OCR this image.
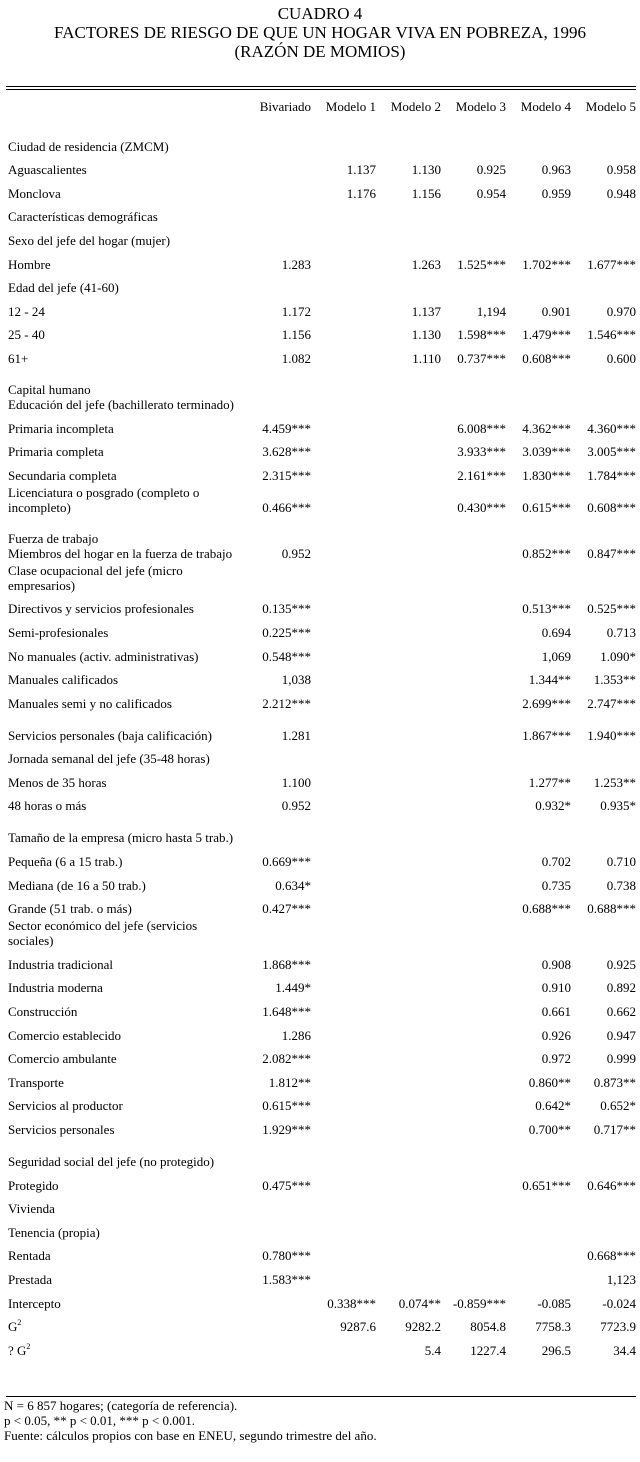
CUADRO 4
FACTORES DE RIESGO DE QUE UN HOGAR VIVA EN POBREZA, 1996
(RAZÓN DE MOMIOS)
	Bivariado	Modelo 1	Modelo 2	Modelo 3	Modelo 4	Modelo 5

Ciudad de residencia (ZMCM)						
Aguascalientes		1.137	1.130	0.925	0.963	0.958
Monclova		1.176	1.156	0.954	0.959	0.948
Características demográficas						
Sexo del jefe del hogar (mujer)						
Hombre	1.283		1.263	1.525***	1.702***	1.677***
Edad del jefe (41-60)						
12 - 24	1.172		1.137	1,194	0.901	0.970
25 - 40	1.156		1.130	1.598***	1.479***	1.546***
61+	1.082		1.110	0.737***	0.608***	0.600
Capital humano
Educación del jefe (bachillerato terminado)						
Primaria incompleta	4.459***			6.008***	4.362***	4.360***
Primaria completa	3.628***			3.933***	3.039***	3.005***
Secundaria completa	2.315***			2.161***	1.830***	1.784***
Licenciatura o posgrado (completo o incompleto)	0.466***			0.430***	0.615***	0.608***
Fuerza de trabajo
Miembros del hogar en la fuerza de trabajo	0.952				0.852***	0.847***
Clase ocupacional del jefe (micro empresarios)						
Directivos y servicios profesionales	0.135***				0.513***	0.525***
Semi-profesionales	0.225***				0.694	0.713
No manuales (activ. administrativas)	0.548***				1,069	1.090*
Manuales calificados	1,038				1.344**	1.353**
Manuales semi y no calificados	2.212***				2.699***	2.747***
Servicios personales (baja calificación)	1.281				1.867***	1.940***
Jornada semanal del jefe (35-48 horas)						
Menos de 35 horas	1.100				1.277**	1.253**
48 horas o más	0.952				0.932*	0.935*
Tamaño de la empresa (micro hasta 5 trab.)						
Pequeña (6 a 15 trab.)	0.669***				0.702	0.710
Mediana (de 16 a 50 trab.)	0.634*				0.735	0.738
Grande (51 trab. o más)	0.427***				0.688***	0.688***
Sector económico del jefe (servicios sociales)						
Industria tradicional	1.868***				0.908	0.925
Industria moderna	1.449*				0.910	0.892
Construcción	1.648***				0.661	0.662
Comercio establecido	1.286				0.926	0.947
Comercio ambulante	2.082***				0.972	0.999
Transporte	1.812**				0.860**	0.873**
Servicios al productor	0.615***				0.642*	0.652*
Servicios personales	1.929***				0.700**	0.717**
Seguridad social del jefe (no protegido)						
Protegido	0.475***				0.651***	0.646***
Vivienda						
Tenencia (propia)						
Rentada	0.780***					0.668***
Prestada	1.583***					1,123
Intercepto		0.338***	0.074**	-0.859***	-0.085	-0.024
$G^2$		9287.6	9282.2	8054.8	7758.3	7723.9
? $G^2$			5.4	1227.4	296.5	34.4
N = 6 857 hogares; (categoría de referencia).
p < 0.05, ** p < 0.01, *** p < 0.001.
Fuente: cálculos propios con base en ENEU, segundo trimestre del año.
